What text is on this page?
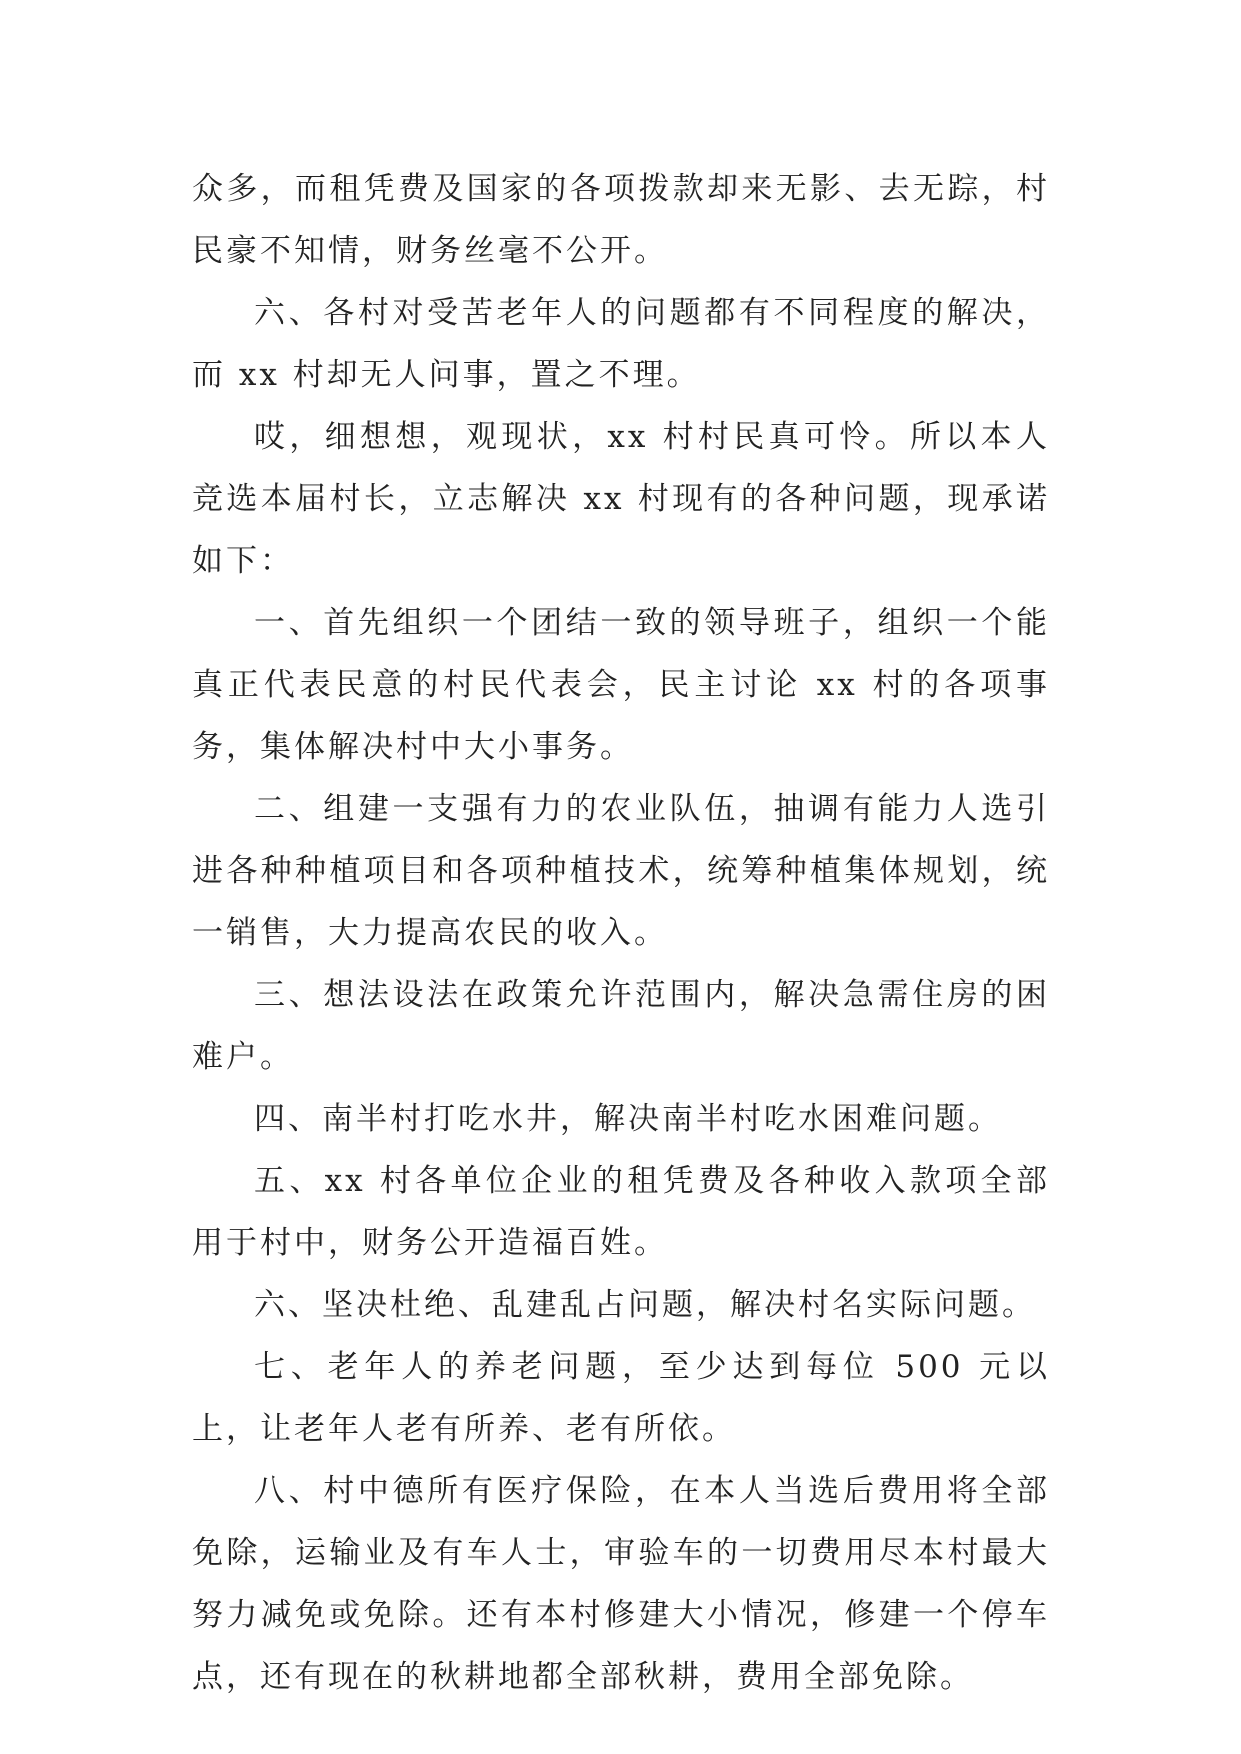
众多，而租凭费及国家的各项拨款却来无影、去无踪，村民豪不知情，财务丝毫不公开。

六、各村对受苦老年人的问题都有不同程度的解决，而 xx 村却无人问事，置之不理。

哎，细想想，观现状，xx 村村民真可怜。所以本人竞选本届村长，立志解决 xx 村现有的各种问题，现承诺如下：

一、首先组织一个团结一致的领导班子，组织一个能真正代表民意的村民代表会，民主讨论 xx 村的各项事务，集体解决村中大小事务。

二、组建一支强有力的农业队伍，抽调有能力人选引进各种种植项目和各项种植技术，统筹种植集体规划，统一销售，大力提高农民的收入。

三、想法设法在政策允许范围内，解决急需住房的困难户。

四、南半村打吃水井，解决南半村吃水困难问题。

五、xx 村各单位企业的租凭费及各种收入款项全部用于村中，财务公开造福百姓。

六、坚决杜绝、乱建乱占问题，解决村名实际问题。

七、老年人的养老问题，至少达到每位 500 元以上，让老年人老有所养、老有所依。

八、村中德所有医疗保险，在本人当选后费用将全部免除，运输业及有车人士，审验车的一切费用尽本村最大努力减免或免除。还有本村修建大小情况，修建一个停车点，还有现在的秋耕地都全部秋耕，费用全部免除。
